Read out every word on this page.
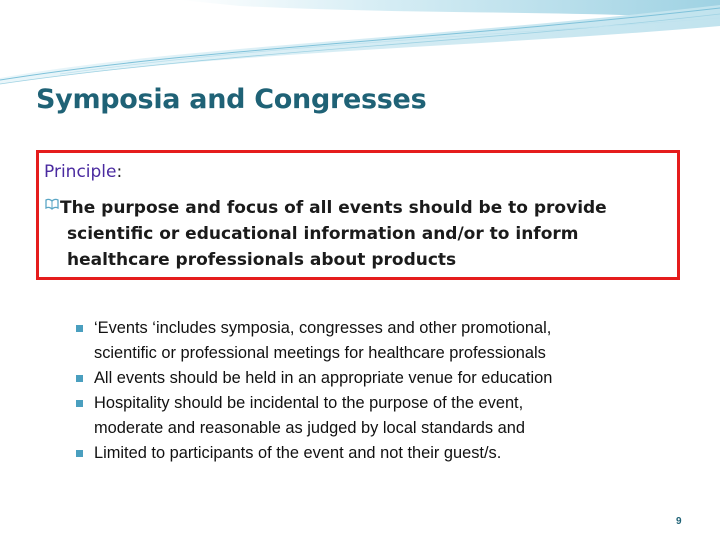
Symposia and Congresses
Principle:
The purpose and focus of all events should be to provide
scientific or educational information and/or to inform
healthcare professionals about products
‘Events ‘includes symposia, congresses and other promotional,
scientific or professional meetings for healthcare professionals
All events should be held in an appropriate venue for education
Hospitality should be incidental to the purpose of the event,
moderate and reasonable as judged by local standards and
Limited to participants of the event and not their guest/s.
9
